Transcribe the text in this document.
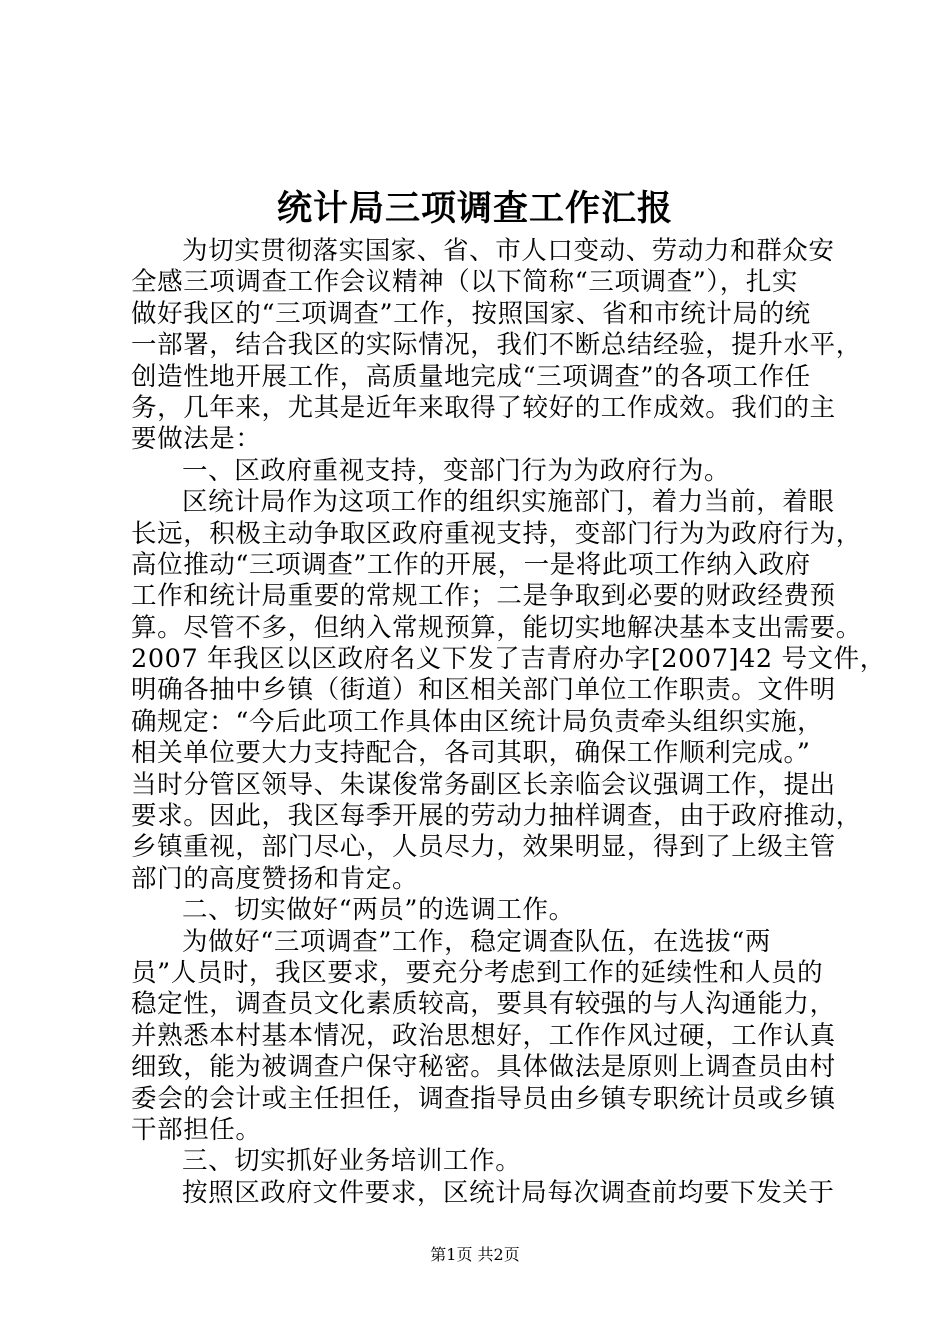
统计局三项调查工作汇报
为切实贯彻落实国家、省、市人口变动、劳动力和群众安
全感三项调查工作会议精神（以下简称“三项调查”），扎实
做好我区的“三项调查”工作，按照国家、省和市统计局的统
一部署，结合我区的实际情况，我们不断总结经验，提升水平，
创造性地开展工作，高质量地完成“三项调查”的各项工作任
务，几年来，尤其是近年来取得了较好的工作成效。我们的主
要做法是：
一、区政府重视支持，变部门行为为政府行为。
区统计局作为这项工作的组织实施部门，着力当前，着眼
长远，积极主动争取区政府重视支持，变部门行为为政府行为，
高位推动“三项调查”工作的开展，一是将此项工作纳入政府
工作和统计局重要的常规工作；二是争取到必要的财政经费预
算。尽管不多，但纳入常规预算，能切实地解决基本支出需要。
2007 年我区以区政府名义下发了吉青府办字[2007]42 号文件，
明确各抽中乡镇（街道）和区相关部门单位工作职责。文件明
确规定：“今后此项工作具体由区统计局负责牵头组织实施，
相关单位要大力支持配合，各司其职，确保工作顺利完成。”
当时分管区领导、朱谋俊常务副区长亲临会议强调工作，提出
要求。因此，我区每季开展的劳动力抽样调查，由于政府推动，
乡镇重视，部门尽心，人员尽力，效果明显，得到了上级主管
部门的高度赞扬和肯定。
二、切实做好“两员”的选调工作。
为做好“三项调查”工作，稳定调查队伍，在选拔“两
员”人员时，我区要求，要充分考虑到工作的延续性和人员的
稳定性，调查员文化素质较高，要具有较强的与人沟通能力，
并熟悉本村基本情况，政治思想好，工作作风过硬，工作认真
细致，能为被调查户保守秘密。具体做法是原则上调查员由村
委会的会计或主任担任，调查指导员由乡镇专职统计员或乡镇
干部担任。
三、切实抓好业务培训工作。
按照区政府文件要求，区统计局每次调查前均要下发关于
第1页 共2页
